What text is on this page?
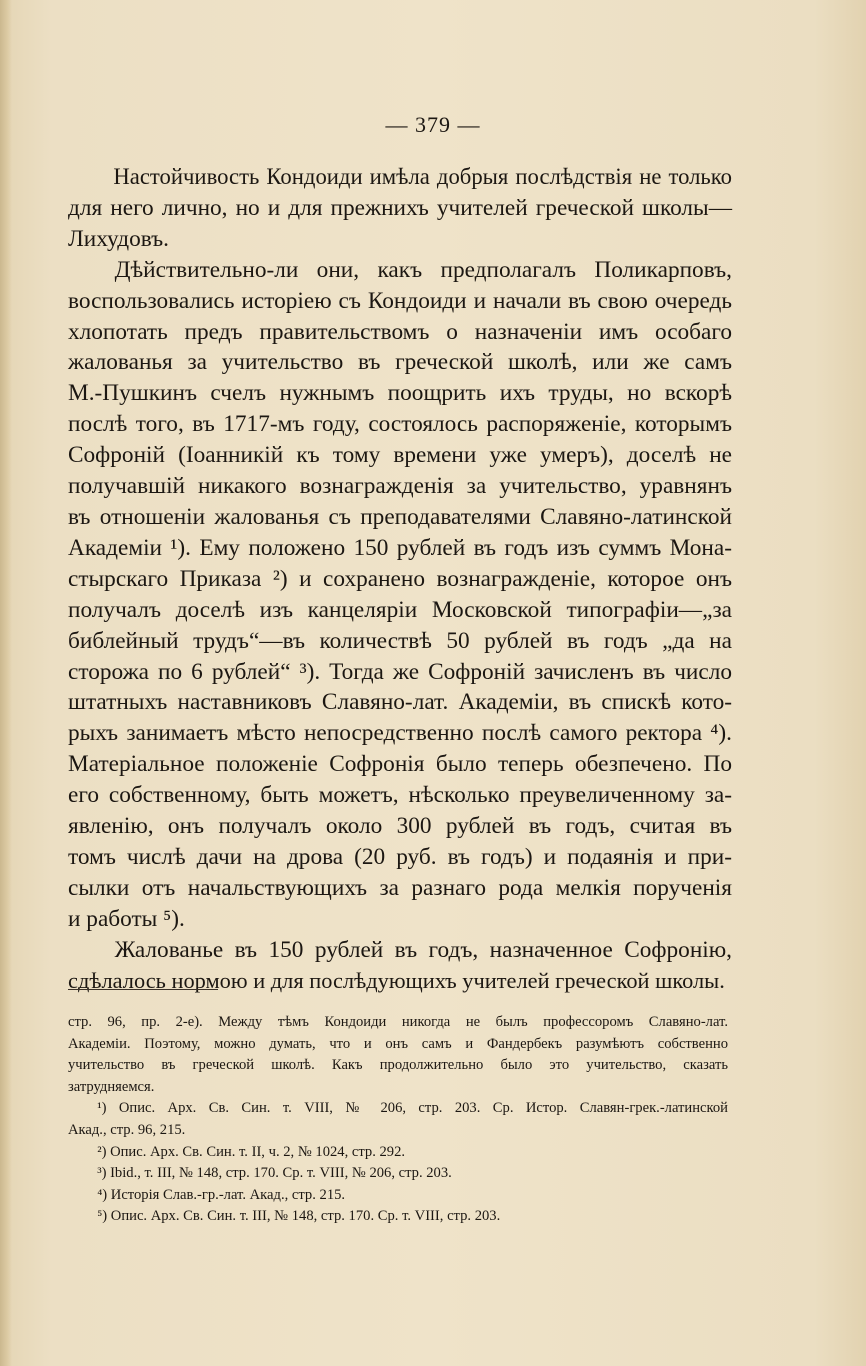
— 379 —

Настойчивость Кондоиди имѣла добрыя послѣдствія не только
для него лично, но и для прежнихъ учителей греческой школы—
Лихудовъ.

Дѣйствительно-ли они, какъ предполагалъ Поликарповъ,
воспользовались исторіею съ Кондоиди и начали въ свою очередь
хлопотать предъ правительствомъ о назначеніи имъ особаго
жалованья за учительство въ греческой школѣ, или же самъ
М.-Пушкинъ счелъ нужнымъ поощрить ихъ труды, но вскорѣ
послѣ того, въ 1717-мъ году, состоялось распоряженіе, которымъ
Софроній (Іоанникій къ тому времени уже умеръ), доселѣ не
получавшій никакого вознагражденія за учительство, уравнянъ
въ отношеніи жалованья съ преподавателями Славяно-латинской
Академіи ¹). Ему положено 150 рублей въ годъ изъ суммъ Мона-
стырскаго Приказа ²) и сохранено вознагражденіе, которое онъ
получалъ доселѣ изъ канцеляріи Московской типографіи—„за
библейный трудъ“—въ количествѣ 50 рублей въ годъ „да на
сторожа по 6 рублей“ ³). Тогда же Софроній зачисленъ въ число
штатныхъ наставниковъ Славяно-лат. Академіи, въ спискѣ кото-
рыхъ занимаетъ мѣсто непосредственно послѣ самого ректора ⁴).
Матеріальное положеніе Софронія было теперь обезпечено. По
его собственному, быть можетъ, нѣсколько преувеличенному за-
явленію, онъ получалъ около 300 рублей въ годъ, считая въ
томъ числѣ дачи на дрова (20 руб. въ годъ) и подаянія и при-
сылки отъ начальствующихъ за разнаго рода мелкія порученія
и работы ⁵).

Жалованье въ 150 рублей въ годъ, назначенное Софронію,
сдѣлалось нормою и для послѣдующихъ учителей греческой школы.

стр. 96, пр. 2-е). Между тѣмъ Кондоиди никогда не былъ профессоромъ Славяно-лат.
Академіи. Поэтому, можно думать, что и онъ самъ и Фандербекъ разумѣютъ собственно
учительство въ греческой школѣ. Какъ продолжительно было это учительство, сказать
затрудняемся.
¹) Опис. Арх. Св. Син. т. VIII, № 206, стр. 203. Ср. Истор. Славян-грек.-латинской
Акад., стр. 96, 215.
²) Опис. Арх. Св. Син. т. II, ч. 2, № 1024, стр. 292.
³) Ibid., т. III, № 148, стр. 170. Ср. т. VIII, № 206, стр. 203.
⁴) Исторія Слав.-гр.-лат. Акад., стр. 215.
⁵) Опис. Арх. Св. Син. т. III, № 148, стр. 170. Ср. т. VIII, стр. 203.
